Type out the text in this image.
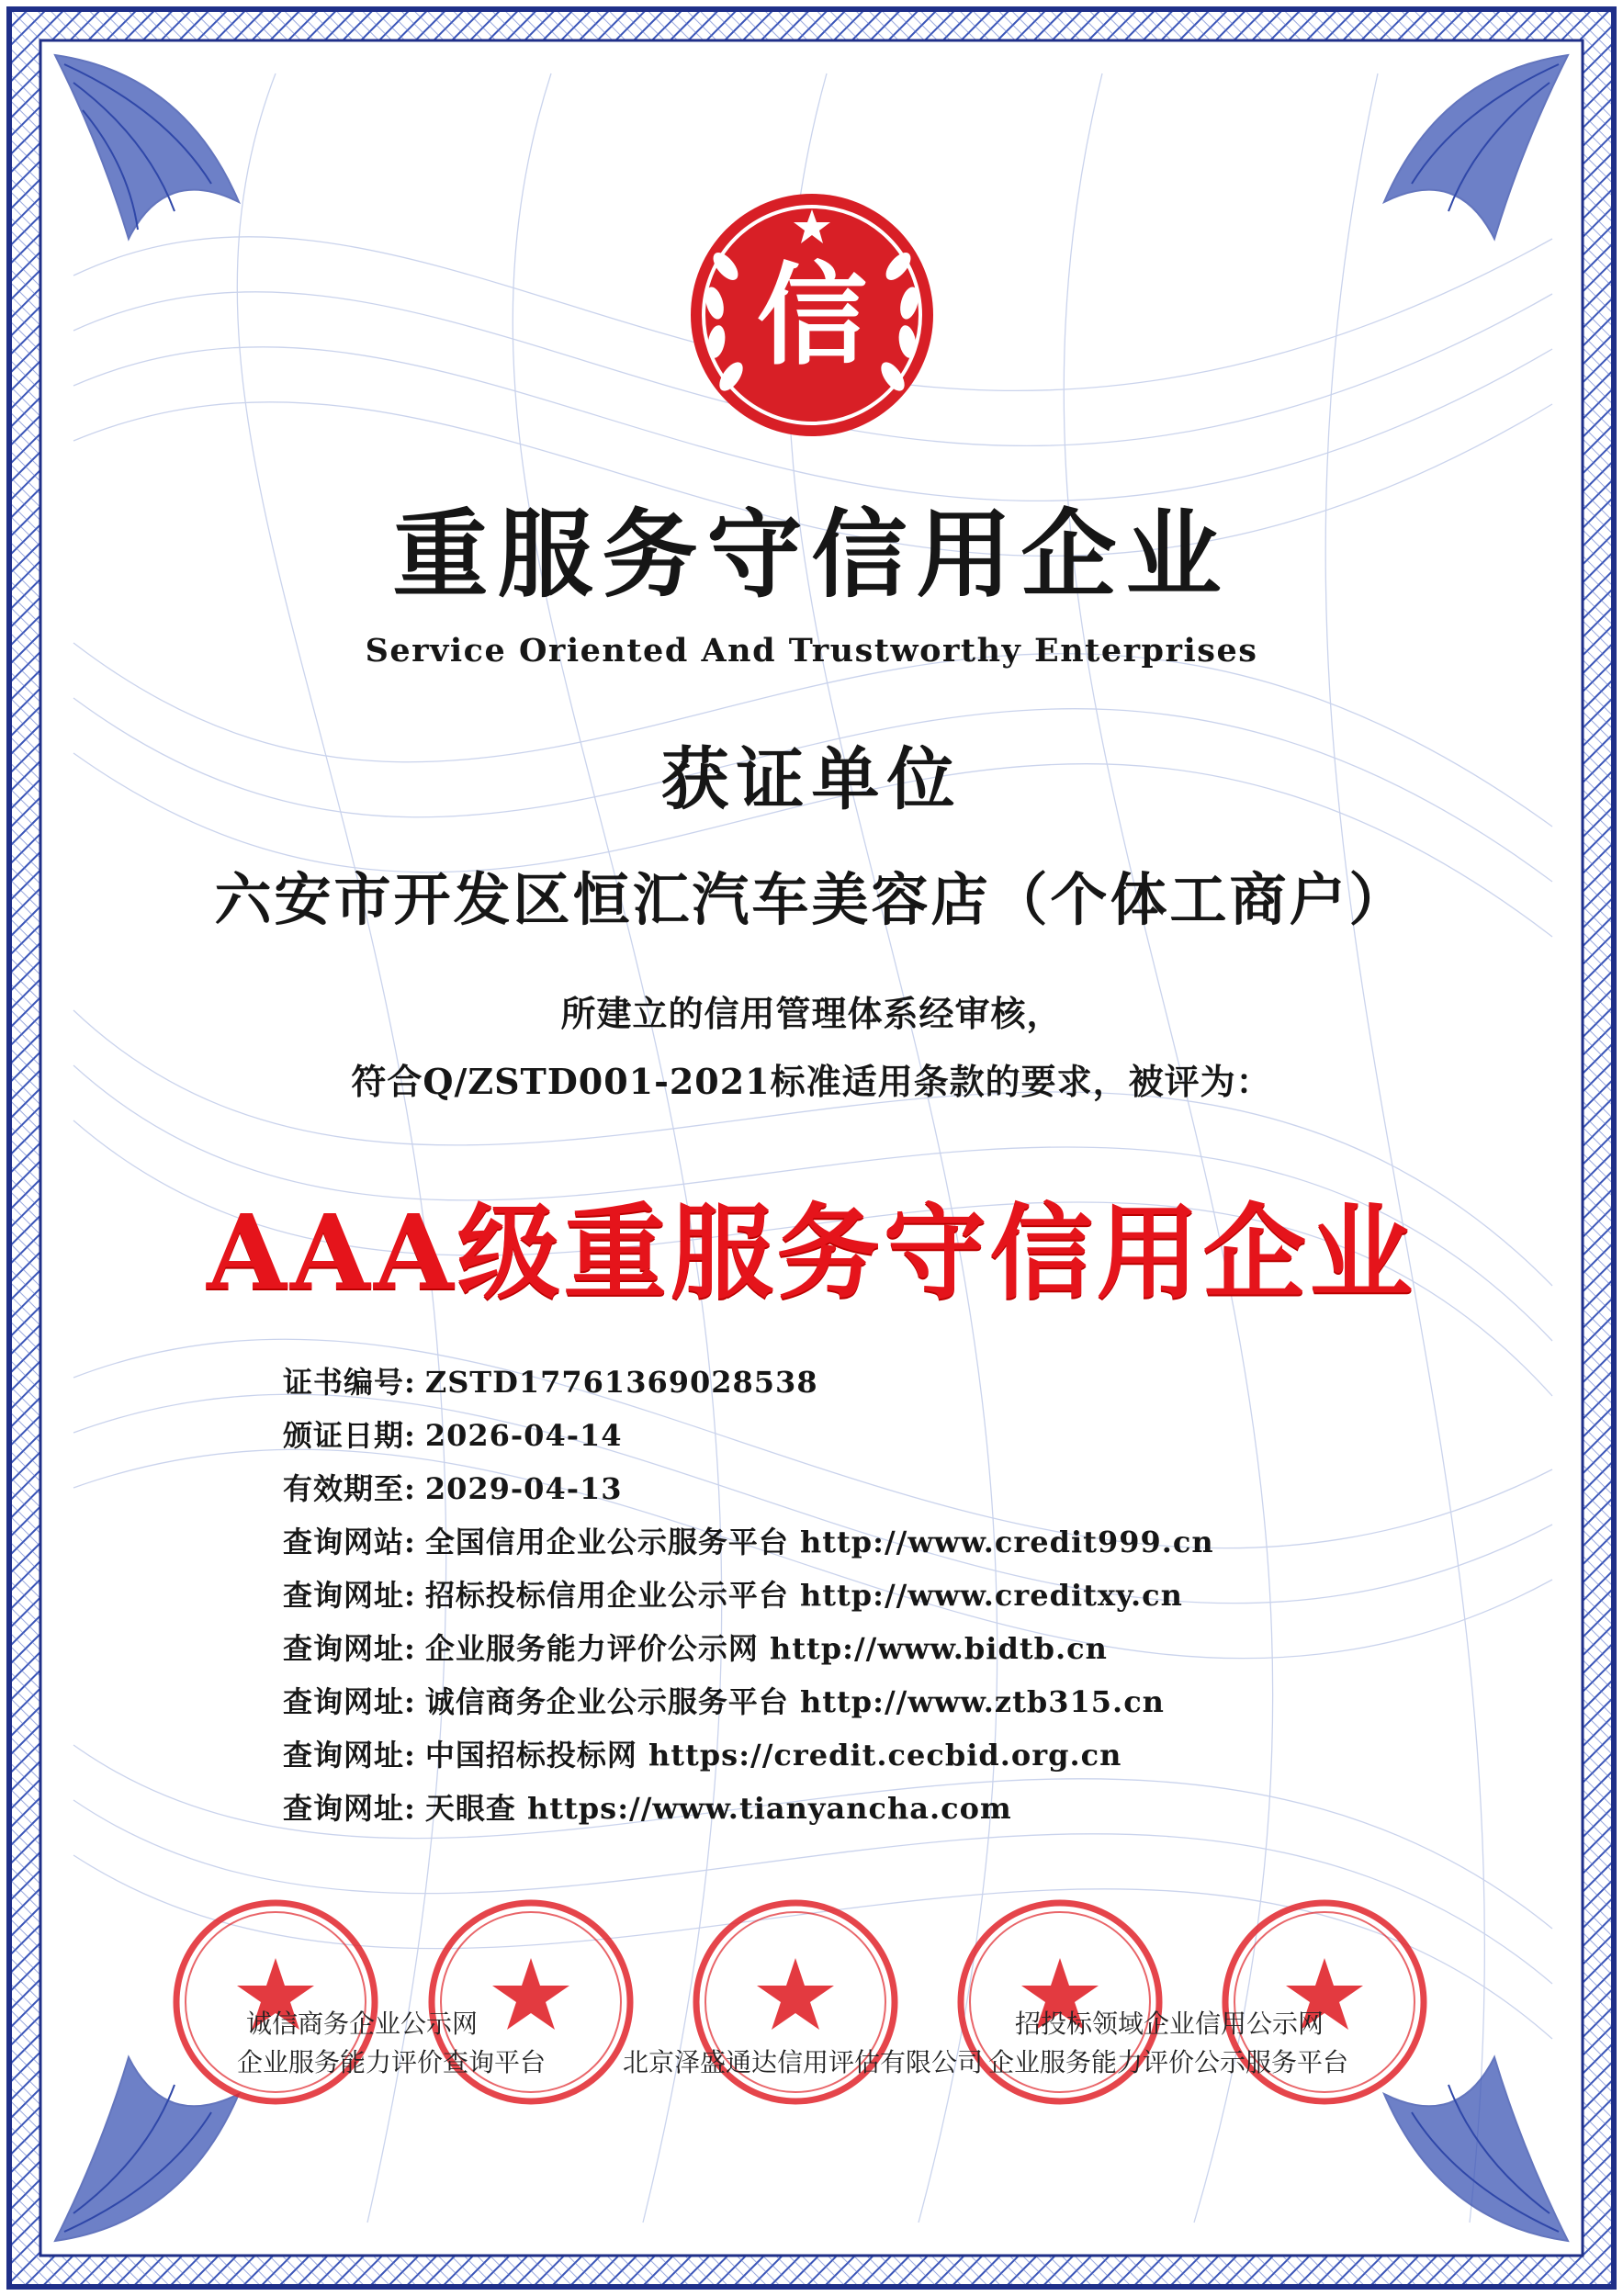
信
重服务守信用企业
Service Oriented And Trustworthy Enterprises
获证单位
六安市开发区恒汇汽车美容店（个体工商户）
所建立的信用管理体系经审核，
符合Q/ZSTD001-2021标准适用条款的要求，被评为：
AAA级重服务守信用企业
证书编号: ZSTD17761369028538
颁证日期: 2026-04-14
有效期至: 2029-04-13
查询网站: 全国信用企业公示服务平台 http://www.credit999.cn
查询网址: 招标投标信用企业公示平台 http://www.creditxy.cn
查询网址: 企业服务能力评价公示网 http://www.bidtb.cn
查询网址: 诚信商务企业公示服务平台 http://www.ztb315.cn
查询网址: 中国招标投标网 https://credit.cecbid.org.cn
查询网址: 天眼查 https://www.tianyancha.com
诚信商务企业公示网	招投标领域企业信用公示网
企业服务能力评价查询平台	北京泽盛通达信用评估有限公司 企业服务能力评价公示服务平台
